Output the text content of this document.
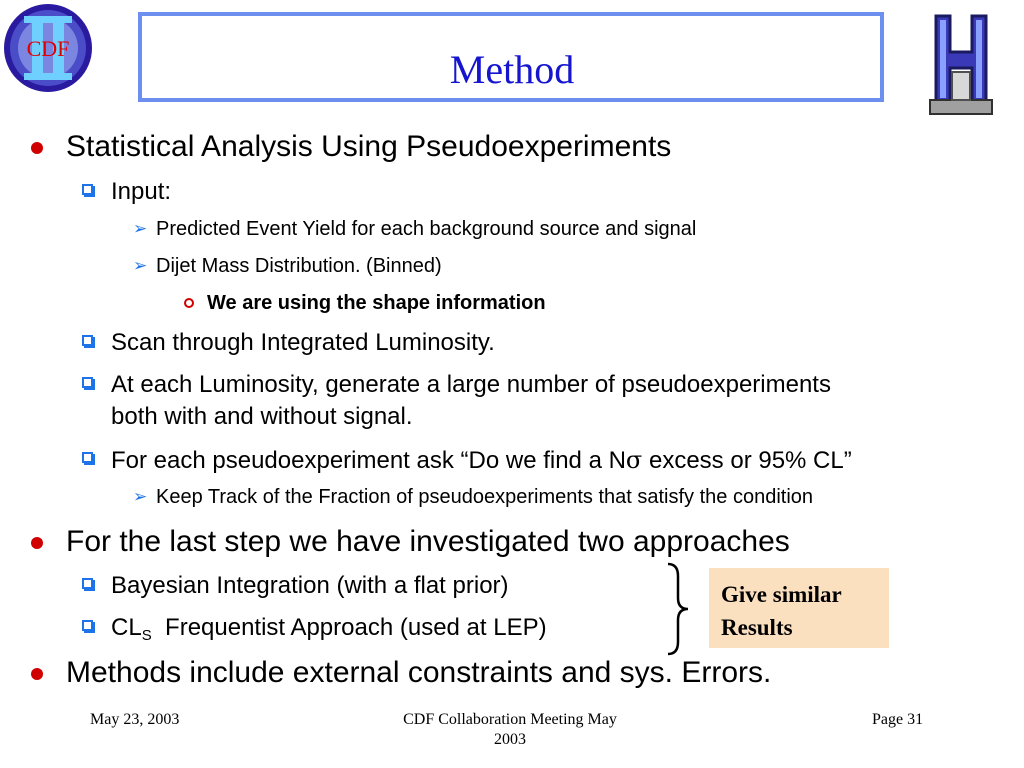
CDF	Method
Statistical Analysis Using Pseudoexperiments
Input:
➢ Predicted Event Yield for each background source and signal
➢ Dijet Mass Distribution. (Binned)
We are using the shape information
Scan through Integrated Luminosity.
At each Luminosity, generate a large number of pseudoexperiments
both with and without signal.
For each pseudoexperiment ask “Do we find a Nσ excess or 95% CL”
➢ Keep Track of the Fraction of pseudoexperiments that satisfy the condition
For the last step we have investigated two approaches
Bayesian Integration (with a flat prior)
$CL_S$  Frequentist Approach (used at LEP)
Give similar
Results
Methods include external constraints and sys. Errors.
May 23, 2003	CDF Collaboration Meeting May
2003
Page 31
